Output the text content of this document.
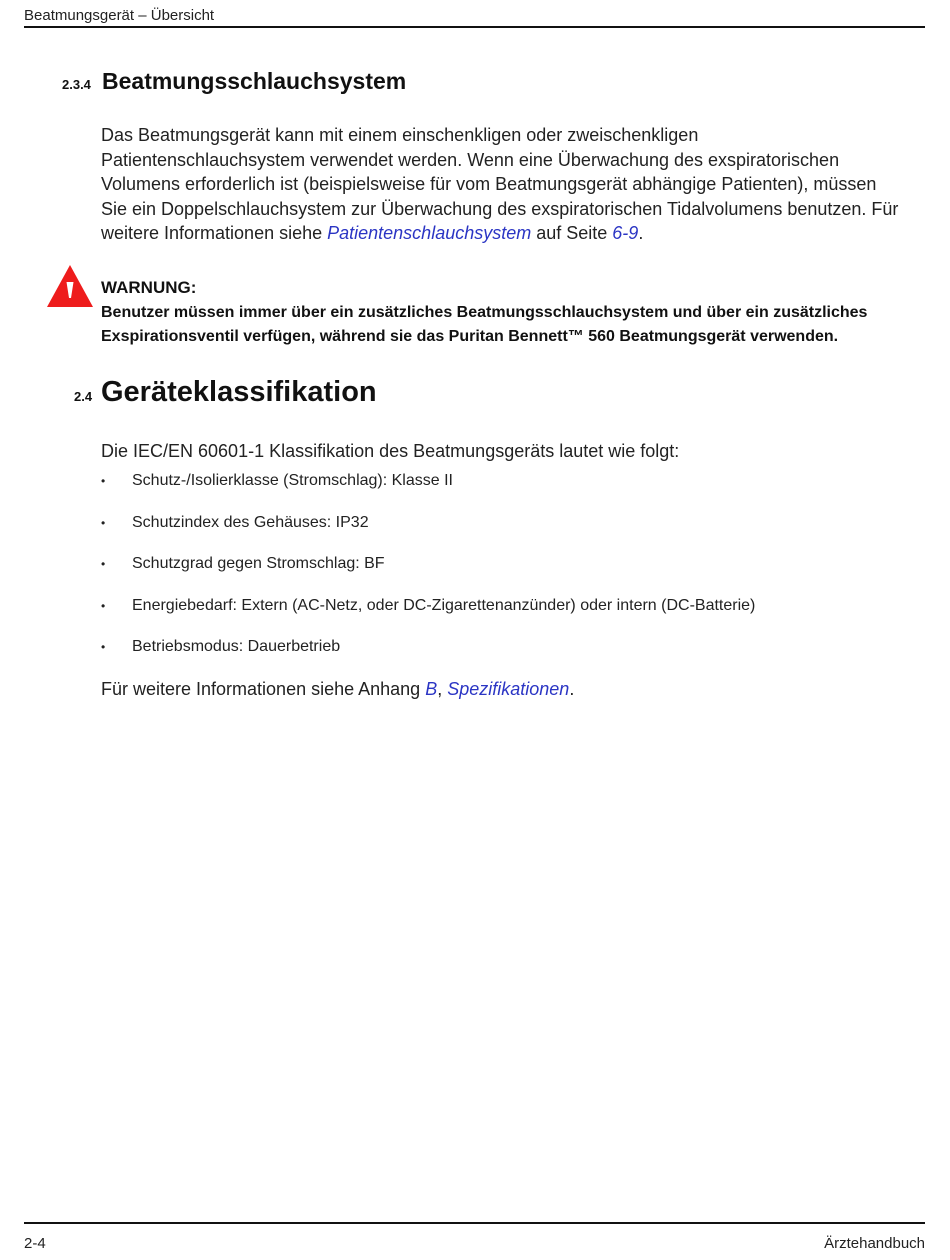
Beatmungsgerät – Übersicht
2.3.4 Beatmungsschlauchsystem
Das Beatmungsgerät kann mit einem einschenkligen oder zweischenkligen Patientenschlauchsystem verwendet werden. Wenn eine Überwachung des exspiratorischen Volumens erforderlich ist (beispielsweise für vom Beatmungsgerät abhängige Patienten), müssen Sie ein Doppelschlauchsystem zur Überwachung des exspiratorischen Tidalvolumens benutzen. Für weitere Informationen siehe Patientenschlauchsystem auf Seite 6-9.
WARNUNG:
Benutzer müssen immer über ein zusätzliches Beatmungsschlauchsystem und über ein zusätzliches Exspirationsventil verfügen, während sie das Puritan Bennett™ 560 Beatmungsgerät verwenden.
2.4 Geräteklassifikation
Die IEC/EN 60601-1 Klassifikation des Beatmungsgeräts lautet wie folgt:
• Schutz-/Isolierklasse (Stromschlag): Klasse II
• Schutzindex des Gehäuses: IP32
• Schutzgrad gegen Stromschlag: BF
• Energiebedarf: Extern (AC-Netz, oder DC-Zigarettenanzünder) oder intern (DC-Batterie)
• Betriebsmodus: Dauerbetrieb
Für weitere Informationen siehe Anhang B, Spezifikationen.
2-4	Ärztehandbuch
